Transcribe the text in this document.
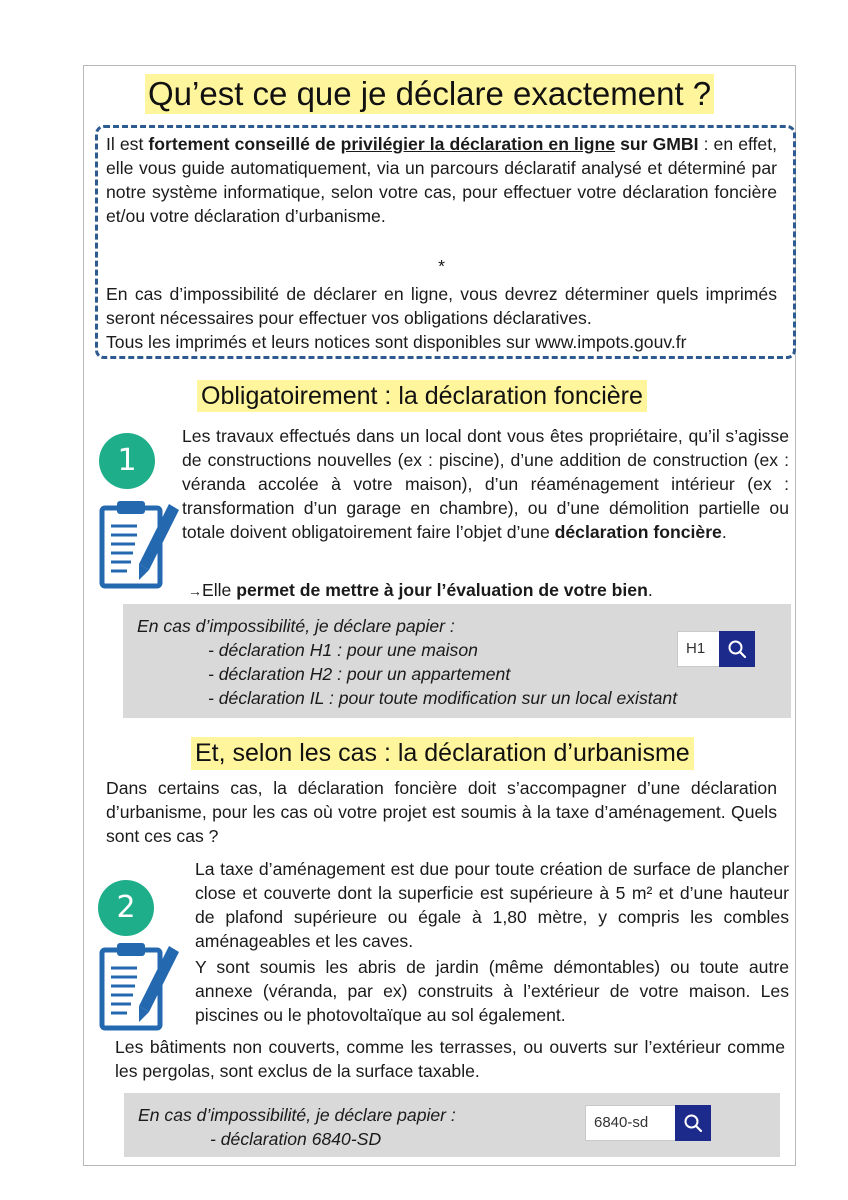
Qu’est ce que je déclare exactement ?
Il est fortement conseillé de privilégier la déclaration en ligne sur GMBI : en effet, elle vous guide automatiquement, via un parcours déclaratif analysé et déterminé par notre système informatique, selon votre cas, pour effectuer votre déclaration foncière et/ou votre déclaration d’urbanisme.
*
En cas d’impossibilité de déclarer en ligne, vous devrez déterminer quels imprimés seront nécessaires pour effectuer vos obligations déclaratives.
Tous les imprimés et leurs notices sont disponibles sur www.impots.gouv.fr
Obligatoirement : la déclaration foncière
1
Les travaux effectués dans un local dont vous êtes propriétaire, qu’il s’agisse de constructions nouvelles (ex : piscine), d’une addition de construction (ex : véranda accolée à votre maison), d’un réaménagement intérieur (ex : transformation d’un garage en chambre), ou d’une démolition partielle ou totale doivent obligatoirement faire l’objet d’une déclaration foncière.
→Elle permet de mettre à jour l’évaluation de votre bien.
En cas d’impossibilité, je déclare papier :
- déclaration H1 : pour une maison
- déclaration H2 : pour un appartement
- déclaration IL : pour toute modification sur un local existant
H1
Et, selon les cas : la déclaration d’urbanisme
Dans certains cas, la déclaration foncière doit s’accompagner d’une déclaration d’urbanisme, pour les cas où votre projet est soumis à la taxe d’aménagement. Quels sont ces cas ?
2
La taxe d’aménagement est due pour toute création de surface de plancher close et couverte dont la superficie est supérieure à 5 m² et d’une hauteur de plafond supérieure ou égale à 1,80 mètre, y compris les combles aménageables et les caves.
Y sont soumis les abris de jardin (même démontables) ou toute autre annexe (véranda, par ex) construits à l’extérieur de votre maison. Les piscines ou le photovoltaïque au sol également.
Les bâtiments non couverts, comme les terrasses, ou ouverts sur l’extérieur comme les pergolas, sont exclus de la surface taxable.
En cas d’impossibilité, je déclare papier :
- déclaration 6840-SD
6840-sd
